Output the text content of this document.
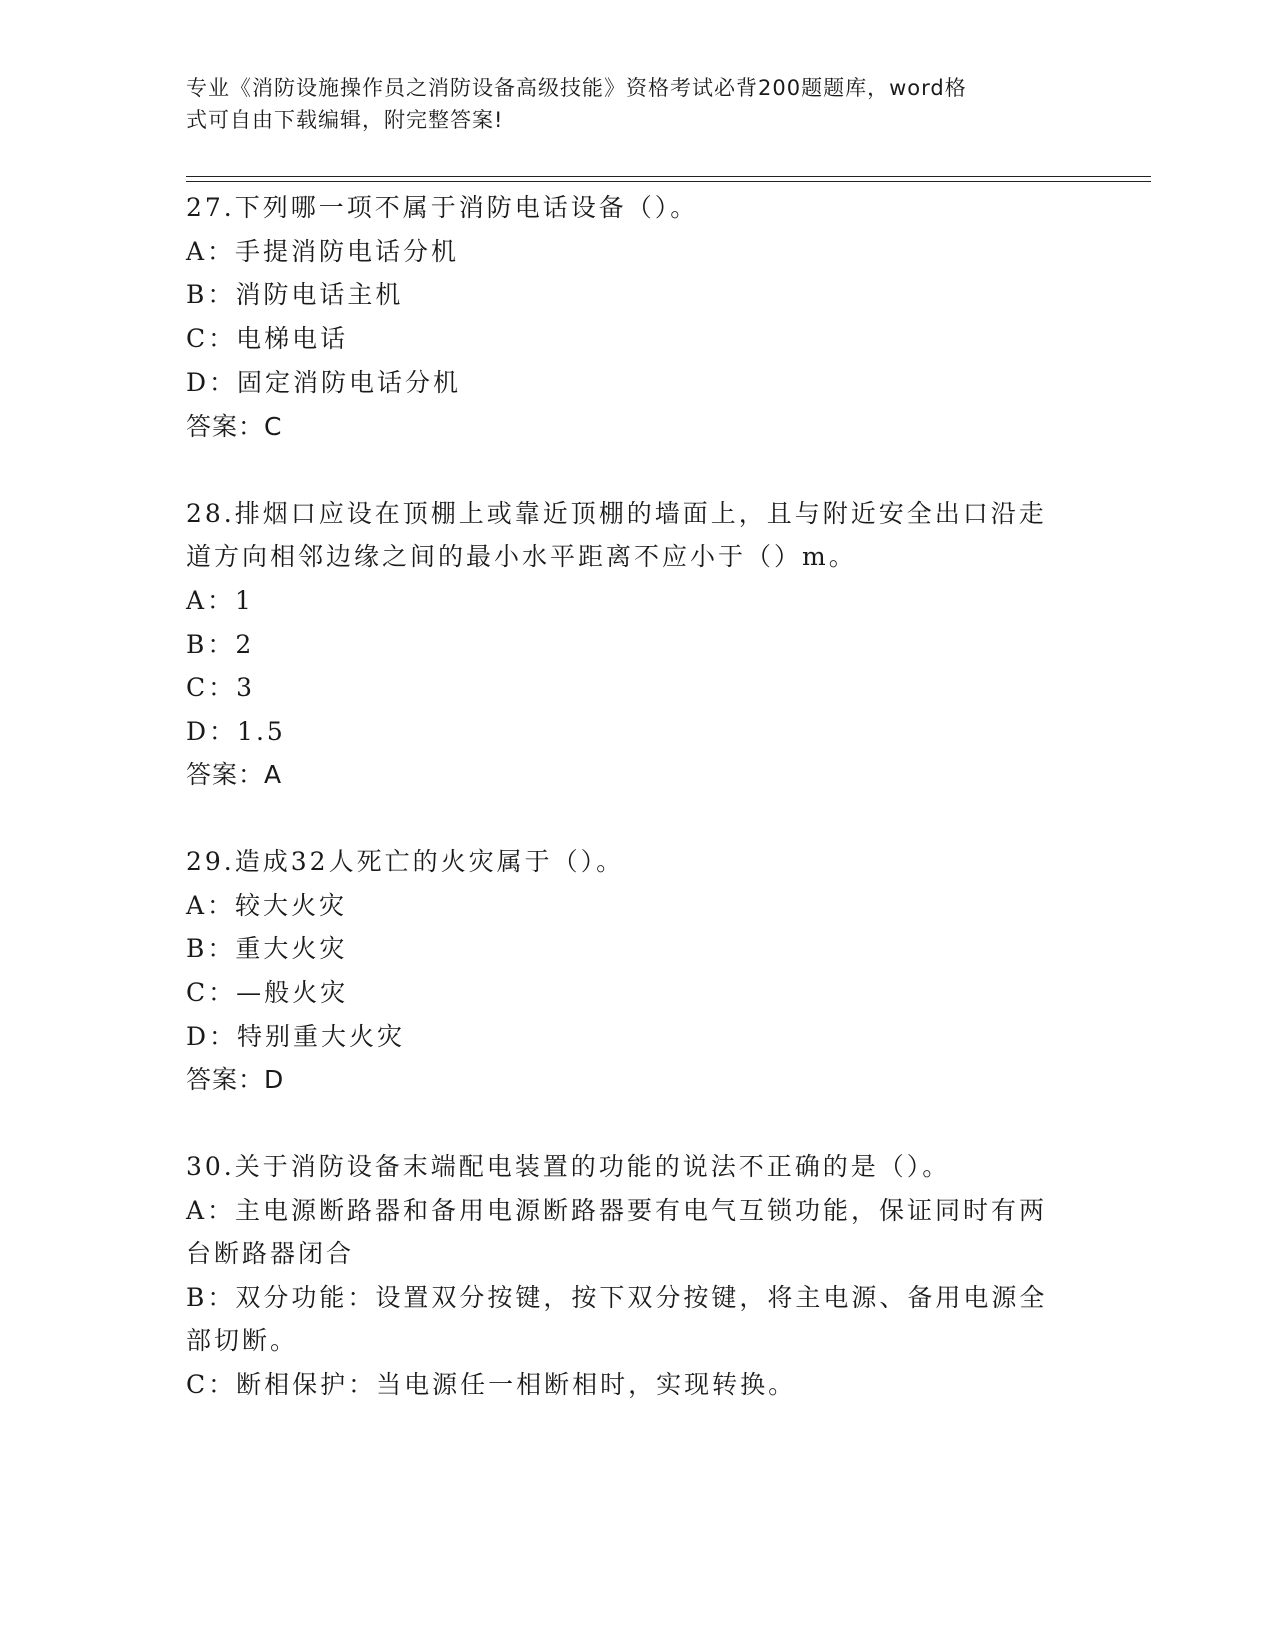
专业《消防设施操作员之消防设备高级技能》资格考试必背200题题库，word格
式可自由下载编辑，附完整答案!
27.下列哪一项不属于消防电话设备（）。
A：手提消防电话分机
B：消防电话主机
C：电梯电话
D：固定消防电话分机
答案：C
28.排烟口应设在顶棚上或靠近顶棚的墙面上，且与附近安全出口沿走
道方向相邻边缘之间的最小水平距离不应小于（）m。
A：1
B：2
C：3
D：1.5
答案：A
29.造成32人死亡的火灾属于（）。
A：较大火灾
B：重大火灾
C：—般火灾
D：特别重大火灾
答案：D
30.关于消防设备末端配电装置的功能的说法不正确的是（）。
A：主电源断路器和备用电源断路器要有电气互锁功能，保证同时有两
台断路器闭合
B：双分功能：设置双分按键，按下双分按键，将主电源、备用电源全
部切断。
C：断相保护：当电源任一相断相时，实现转换。
